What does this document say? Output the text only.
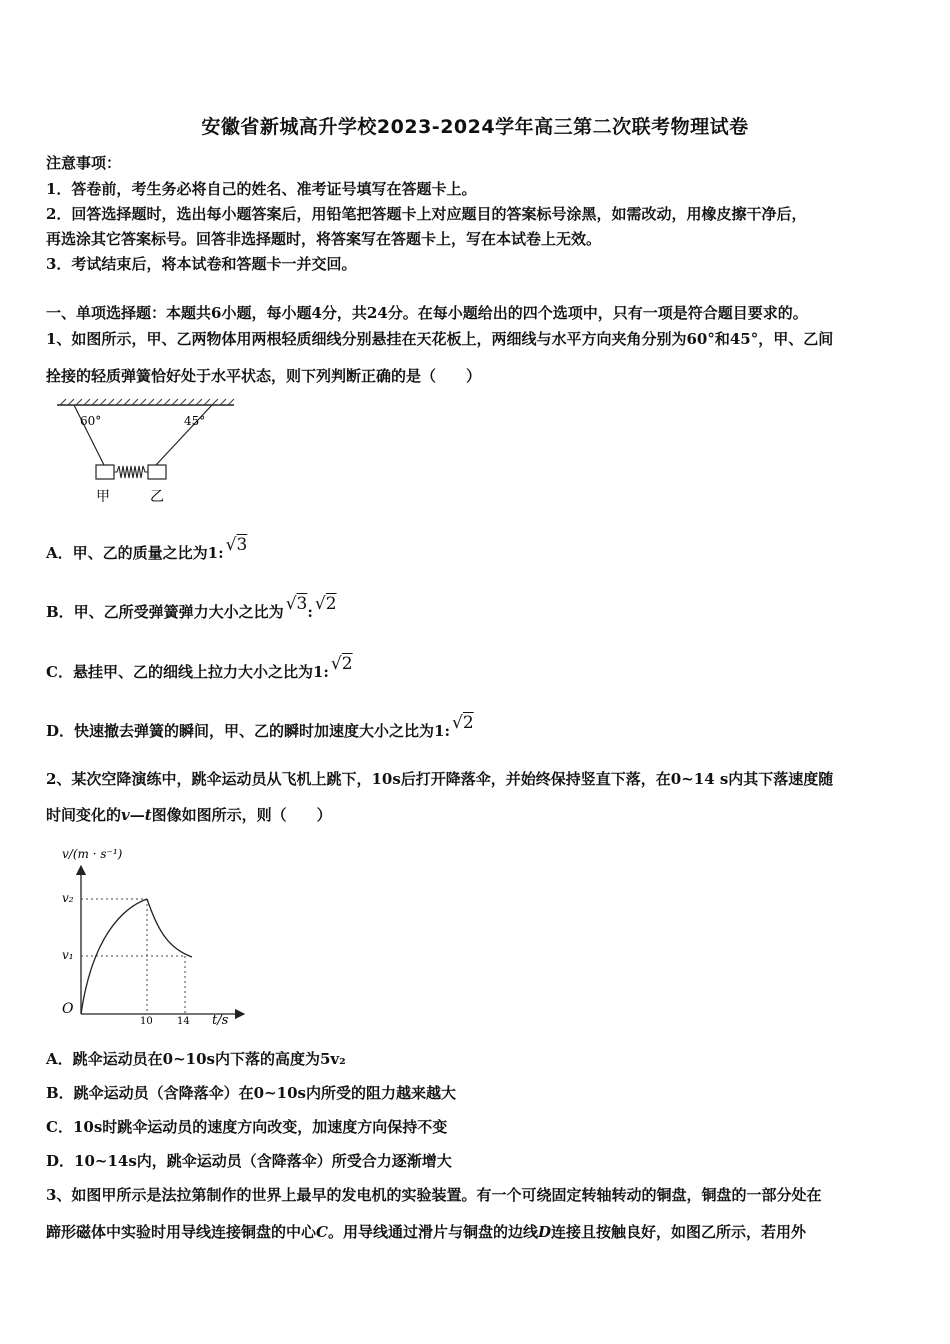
安徽省新城高升学校2023-2024学年高三第二次联考物理试卷
注意事项：
1．答卷前，考生务必将自己的姓名、准考证号填写在答题卡上。
2．回答选择题时，选出每小题答案后，用铅笔把答题卡上对应题目的答案标号涂黑，如需改动，用橡皮擦干净后，
再选涂其它答案标号。回答非选择题时，将答案写在答题卡上，写在本试卷上无效。
3．考试结束后，将本试卷和答题卡一并交回。
一、单项选择题：本题共6小题，每小题4分，共24分。在每小题给出的四个选项中，只有一项是符合题目要求的。
1、如图所示，甲、乙两物体用两根轻质细线分别悬挂在天花板上，两细线与水平方向夹角分别为60°和45°，甲、乙间
拴接的轻质弹簧恰好处于水平状态，则下列判断正确的是（　　）
60°	45°
甲	乙
A．甲、乙的质量之比为1: √3
B．甲、乙所受弹簧弹力大小之比为 √3: √2
C．悬挂甲、乙的细线上拉力大小之比为1: √2
D．快速撤去弹簧的瞬间，甲、乙的瞬时加速度大小之比为1: √2
2、某次空降演练中，跳伞运动员从飞机上跳下，10s后打开降落伞，并始终保持竖直下落，在0~14 s内其下落速度随
时间变化的v—t图像如图所示，则（　　）
v/(m · s⁻¹)
t/s
O
v₂
v₁
10 14
A．跳伞运动员在0~10s内下落的高度为5v₂
B．跳伞运动员（含降落伞）在0~10s内所受的阻力越来越大
C．10s时跳伞运动员的速度方向改变，加速度方向保持不变
D．10~14s内，跳伞运动员（含降落伞）所受合力逐渐增大
3、如图甲所示是法拉第制作的世界上最早的发电机的实验装置。有一个可绕固定转轴转动的铜盘，铜盘的一部分处在
蹄形磁体中实验时用导线连接铜盘的中心C。用导线通过滑片与铜盘的边线D连接且按触良好，如图乙所示，若用外
